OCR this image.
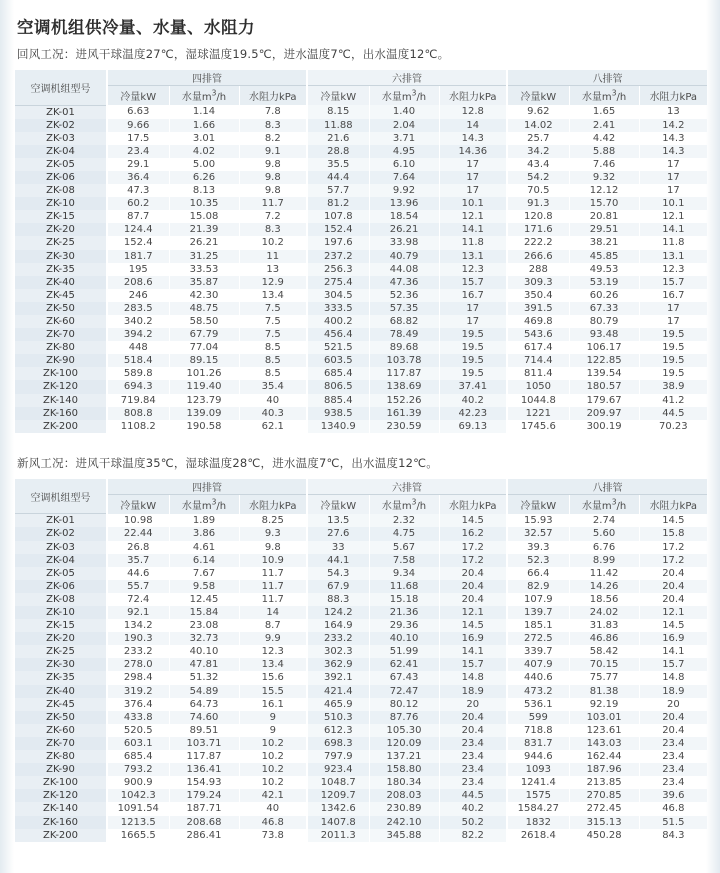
空调机组供冷量、水量、水阻力
回风工况：进风干球温度27℃，湿球温度19.5℃，进水温度7℃，出水温度12℃。
空调机组型号	四排管			六排管			八排管		
	冷量kW	水量$m^3/h$	水阻力kPa	冷量kW	水量$m^3/h$	水阻力kPa	冷量kW	水量$m^3/h$	水阻力kPa
ZK-01	6.63	1.14	7.8	8.15	1.40	12.8	9.62	1.65	13
ZK-02	9.66	1.66	8.3	11.88	2.04	14	14.02	2.41	14.2
ZK-03	17.5	3.01	8.2	21.6	3.71	14.3	25.7	4.42	14.3
ZK-04	23.4	4.02	9.1	28.8	4.95	14.36	34.2	5.88	14.3
ZK-05	29.1	5.00	9.8	35.5	6.10	17	43.4	7.46	17
ZK-06	36.4	6.26	9.8	44.4	7.64	17	54.2	9.32	17
ZK-08	47.3	8.13	9.8	57.7	9.92	17	70.5	12.12	17
ZK-10	60.2	10.35	11.7	81.2	13.96	10.1	91.3	15.70	10.1
ZK-15	87.7	15.08	7.2	107.8	18.54	12.1	120.8	20.81	12.1
ZK-20	124.4	21.39	8.3	152.4	26.21	14.1	171.6	29.51	14.1
ZK-25	152.4	26.21	10.2	197.6	33.98	11.8	222.2	38.21	11.8
ZK-30	181.7	31.25	11	237.2	40.79	13.1	266.6	45.85	13.1
ZK-35	195	33.53	13	256.3	44.08	12.3	288	49.53	12.3
ZK-40	208.6	35.87	12.9	275.4	47.36	15.7	309.3	53.19	15.7
ZK-45	246	42.30	13.4	304.5	52.36	16.7	350.4	60.26	16.7
ZK-50	283.5	48.75	7.5	333.5	57.35	17	391.5	67.33	17
ZK-60	340.2	58.50	7.5	400.2	68.82	17	469.8	80.79	17
ZK-70	394.2	67.79	7.5	456.4	78.49	19.5	543.6	93.48	19.5
ZK-80	448	77.04	8.5	521.5	89.68	19.5	617.4	106.17	19.5
ZK-90	518.4	89.15	8.5	603.5	103.78	19.5	714.4	122.85	19.5
ZK-100	589.8	101.26	8.5	685.4	117.87	19.5	811.4	139.54	19.5
ZK-120	694.3	119.40	35.4	806.5	138.69	37.41	1050	180.57	38.9
ZK-140	719.84	123.79	40	885.4	152.26	40.2	1044.8	179.67	41.2
ZK-160	808.8	139.09	40.3	938.5	161.39	42.23	1221	209.97	44.5
ZK-200	1108.2	190.58	62.1	1340.9	230.59	69.13	1745.6	300.19	70.23
新风工况：进风干球温度35℃，湿球温度28℃，进水温度7℃，出水温度12℃。
空调机组型号	四排管			六排管			八排管		
	冷量kW	水量$m^3/h$	水阻力kPa	冷量kW	水量$m^3/h$	水阻力kPa	冷量kW	水量$m^3/h$	水阻力kPa
ZK-01	10.98	1.89	8.25	13.5	2.32	14.5	15.93	2.74	14.5
ZK-02	22.44	3.86	9.3	27.6	4.75	16.2	32.57	5.60	15.8
ZK-03	26.8	4.61	9.8	33	5.67	17.2	39.3	6.76	17.2
ZK-04	35.7	6.14	10.9	44.1	7.58	17.2	52.3	8.99	17.2
ZK-05	44.6	7.67	11.7	54.3	9.34	20.4	66.4	11.42	20.4
ZK-06	55.7	9.58	11.7	67.9	11.68	20.4	82.9	14.26	20.4
ZK-08	72.4	12.45	11.7	88.3	15.18	20.4	107.9	18.56	20.4
ZK-10	92.1	15.84	14	124.2	21.36	12.1	139.7	24.02	12.1
ZK-15	134.2	23.08	8.7	164.9	29.36	14.5	185.1	31.83	14.5
ZK-20	190.3	32.73	9.9	233.2	40.10	16.9	272.5	46.86	16.9
ZK-25	233.2	40.10	12.3	302.3	51.99	14.1	339.7	58.42	14.1
ZK-30	278.0	47.81	13.4	362.9	62.41	15.7	407.9	70.15	15.7
ZK-35	298.4	51.32	15.6	392.1	67.43	14.8	440.6	75.77	14.8
ZK-40	319.2	54.89	15.5	421.4	72.47	18.9	473.2	81.38	18.9
ZK-45	376.4	64.73	16.1	465.9	80.12	20	536.1	92.19	20
ZK-50	433.8	74.60	9	510.3	87.76	20.4	599	103.01	20.4
ZK-60	520.5	89.51	9	612.3	105.30	20.4	718.8	123.61	20.4
ZK-70	603.1	103.71	10.2	698.3	120.09	23.4	831.7	143.03	23.4
ZK-80	685.4	117.87	10.2	797.9	137.21	23.4	944.6	162.44	23.4
ZK-90	793.2	136.41	10.2	923.4	158.80	23.4	1093	187.96	23.4
ZK-100	900.9	154.93	10.2	1048.7	180.34	23.4	1241.4	213.85	23.4
ZK-120	1042.3	179.24	42.1	1209.7	208.03	44.5	1575	270.85	39.6
ZK-140	1091.54	187.71	40	1342.6	230.89	40.2	1584.27	272.45	46.8
ZK-160	1213.5	208.68	46.8	1407.8	242.10	50.2	1832	315.13	51.5
ZK-200	1665.5	286.41	73.8	2011.3	345.88	82.2	2618.4	450.28	84.3
